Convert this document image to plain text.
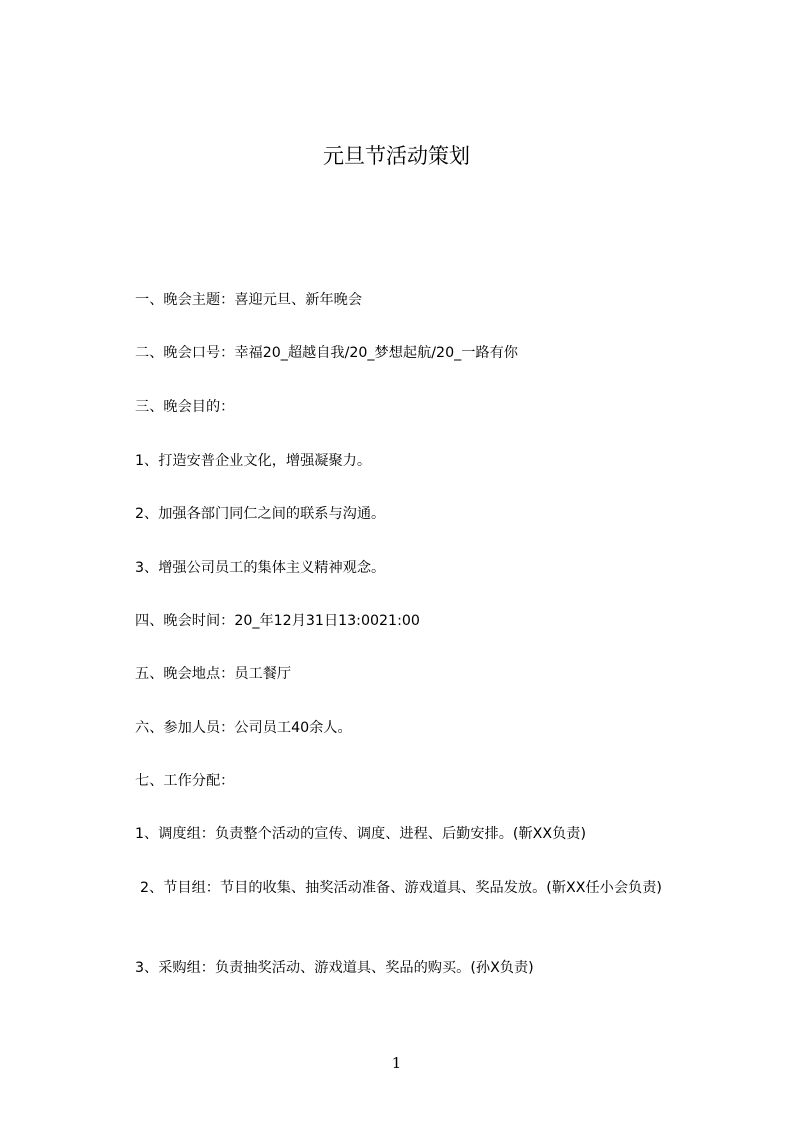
元旦节活动策划
一、晚会主题：喜迎元旦、新年晚会
二、晚会口号：幸福20_超越自我/20_梦想起航/20_一路有你
三、晚会目的：
1、打造安普企业文化，增强凝聚力。
2、加强各部门同仁之间的联系与沟通。
3、增强公司员工的集体主义精神观念。
四、晚会时间：20_年12月31日13:0021:00
五、晚会地点：员工餐厅
六、参加人员：公司员工40余人。
七、工作分配：
1、调度组：负责整个活动的宣传、调度、进程、后勤安排。(靳XX负责)
2、节目组：节目的收集、抽奖活动准备、游戏道具、奖品发放。(靳XX任小会负责)
3、采购组：负责抽奖活动、游戏道具、奖品的购买。(孙X负责)
1
